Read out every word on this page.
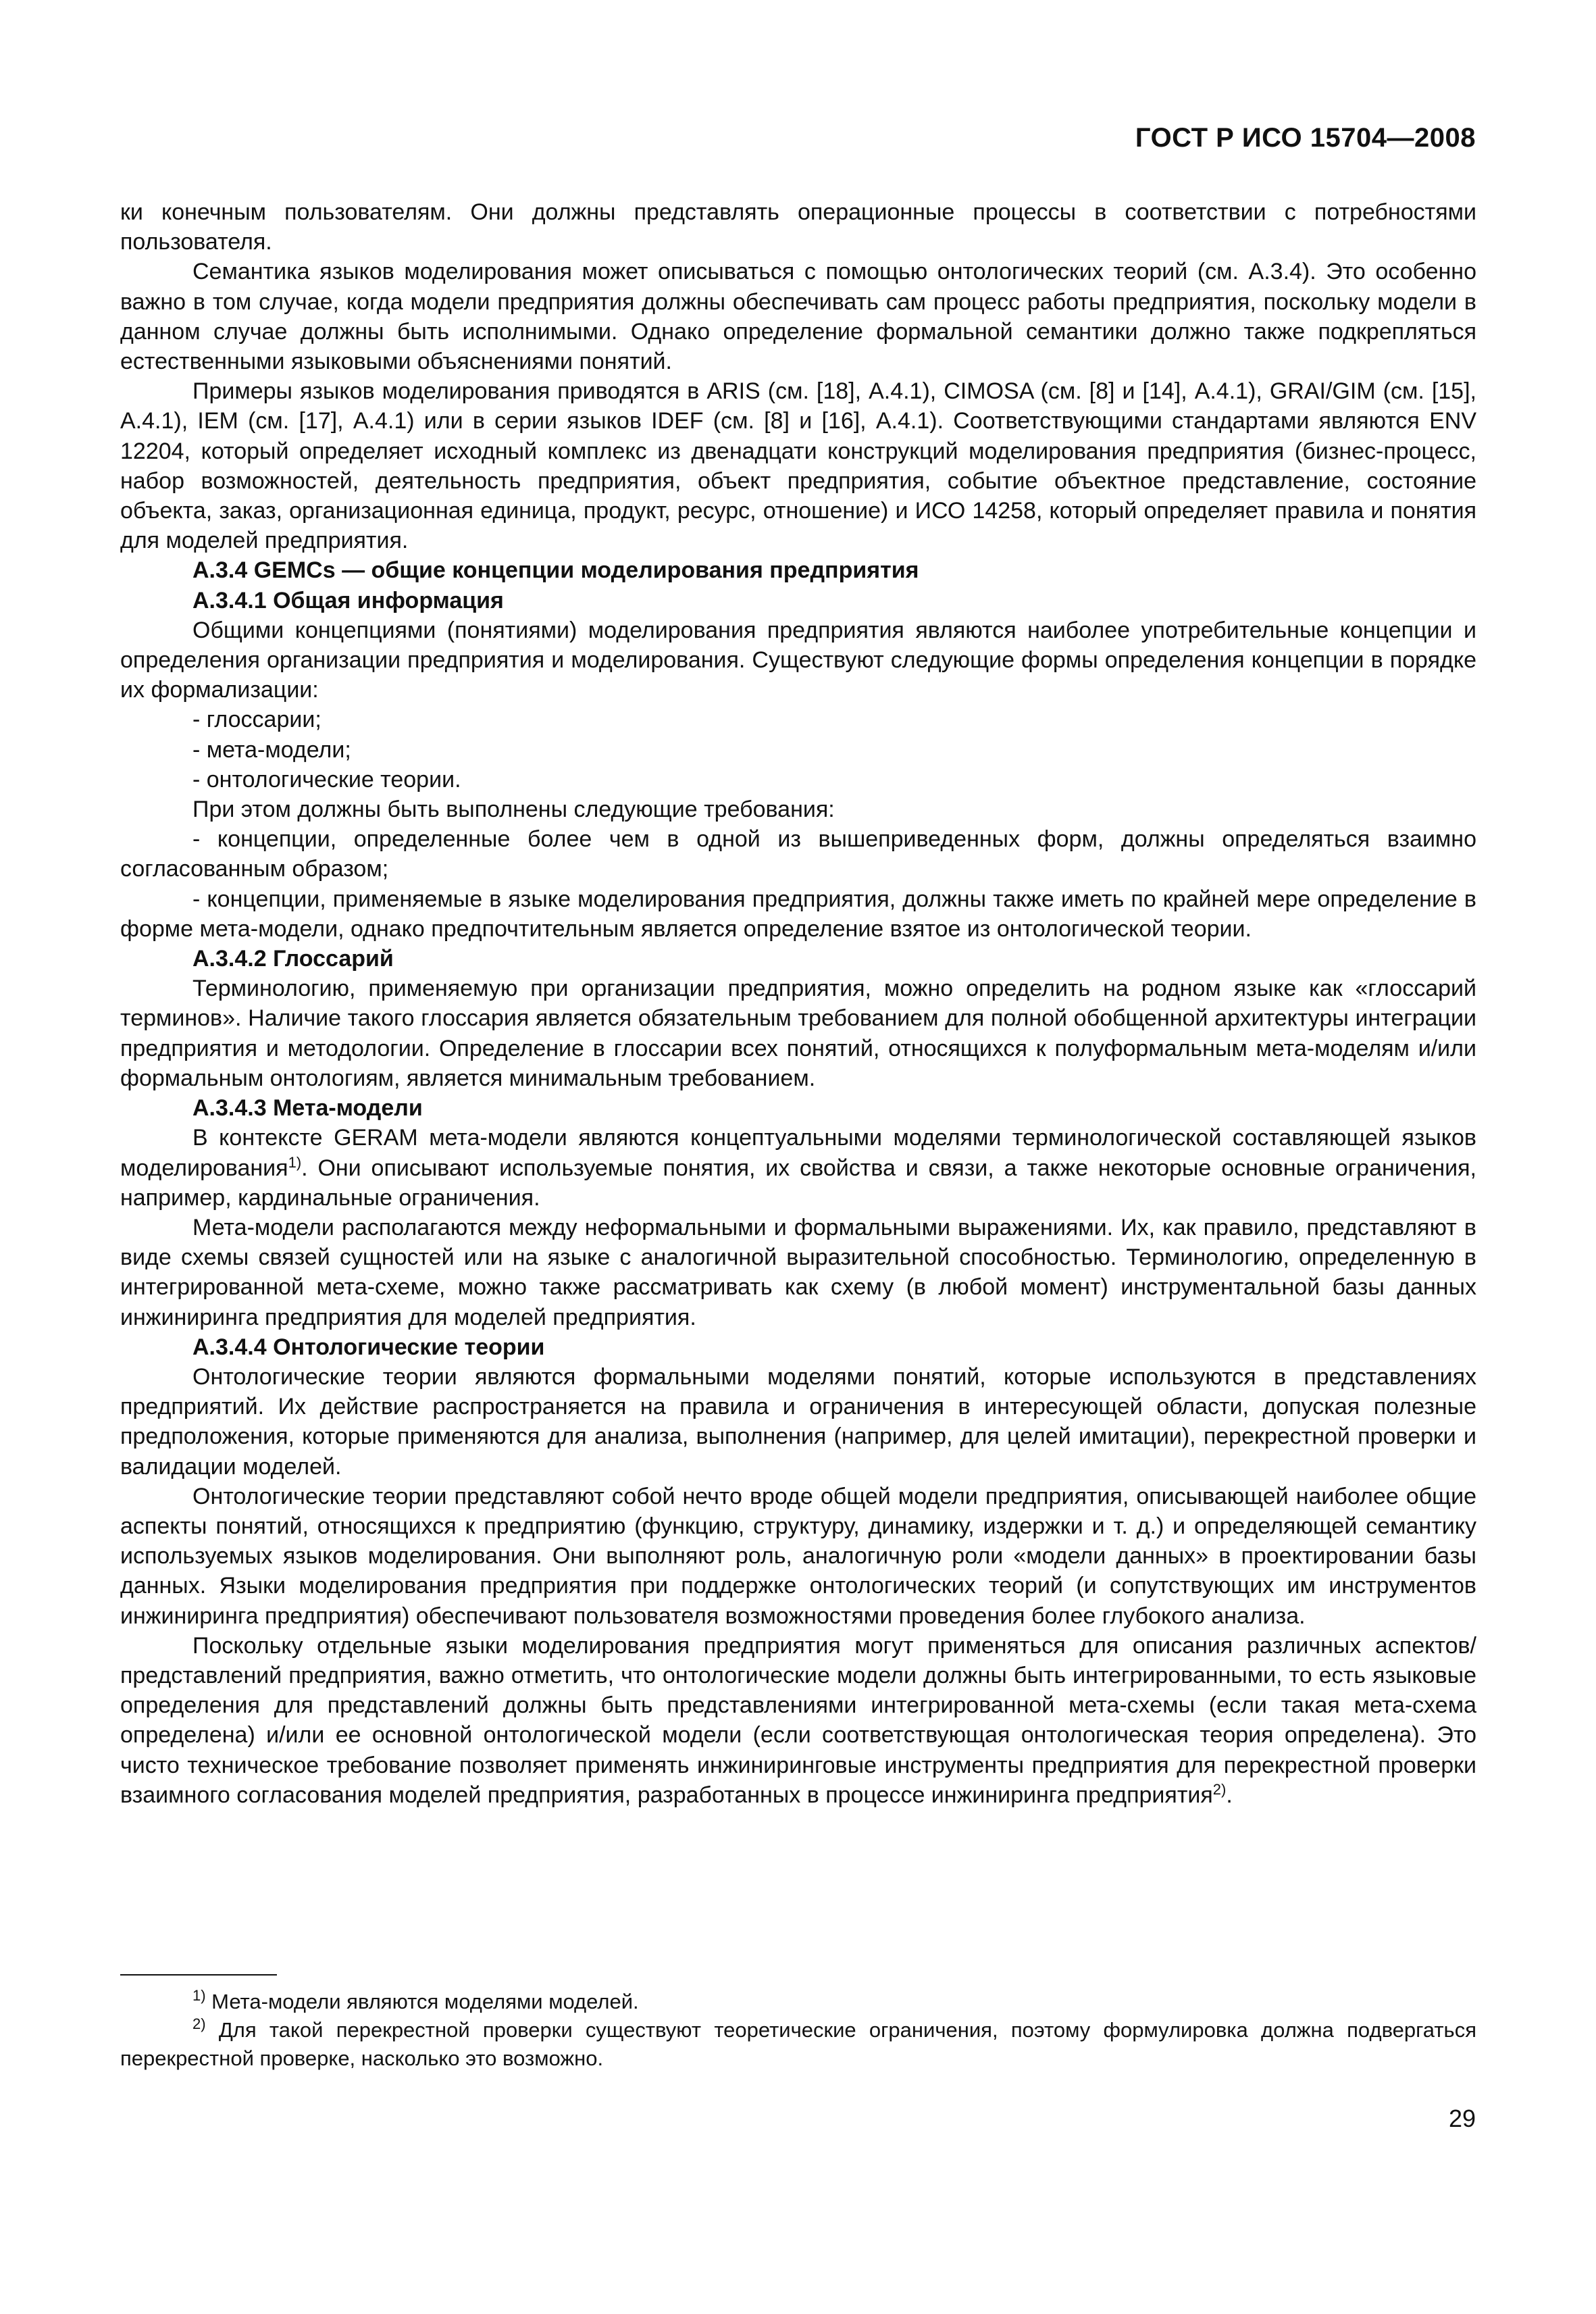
ГОСТ Р ИСО 15704—2008

ки конечным пользователям. Они должны представлять операционные процессы в соответствии с потребностями пользователя.

Семантика языков моделирования может описываться с помощью онтологических теорий (см. А.3.4). Это особенно важно в том случае, когда модели предприятия должны обеспечивать сам процесс работы предприятия, поскольку модели в данном случае должны быть исполнимыми. Однако определение формальной семантики должно также подкрепляться естественными языковыми объяснениями понятий.

Примеры языков моделирования приводятся в ARIS (см. [18], А.4.1), CIMOSA (см. [8] и [14], А.4.1), GRAI/GIM (см. [15], А.4.1), IEM (см. [17], А.4.1) или в серии языков IDEF (см. [8] и [16], А.4.1). Соответствующими стандартами являются ENV 12204, который определяет исходный комплекс из двенадцати конструкций моделирования предприятия (бизнес-процесс, набор возможностей, деятельность предприятия, объект предприятия, событие объектное представление, состояние объекта, заказ, организационная единица, продукт, ресурс, отношение) и ИСО 14258, который определяет правила и понятия для моделей предприятия.

А.3.4 GEMCs — общие концепции моделирования предприятия
А.3.4.1 Общая информация

Общими концепциями (понятиями) моделирования предприятия являются наиболее употребительные концепции и определения организации предприятия и моделирования. Существуют следующие формы определения концепции в порядке их формализации:

- глоссарии;

- мета-модели;

- онтологические теории.

При этом должны быть выполнены следующие требования:

- концепции, определенные более чем в одной из вышеприведенных форм, должны определяться взаимно согласованным образом;

- концепции, применяемые в языке моделирования предприятия, должны также иметь по крайней мере определение в форме мета-модели, однако предпочтительным является определение взятое из онтологической теории.

А.3.4.2 Глоссарий

Терминологию, применяемую при организации предприятия, можно определить на родном языке как «глоссарий терминов». Наличие такого глоссария является обязательным требованием для полной обобщенной архитектуры интеграции предприятия и методологии. Определение в глоссарии всех понятий, относящихся к полуформальным мета-моделям и/или формальным онтологиям, является минимальным требованием.

А.3.4.3 Мета-модели

В контексте GERAM мета-модели являются концептуальными моделями терминологической составляющей языков моделирования$^{1)}$. Они описывают используемые понятия, их свойства и связи, а также некоторые основные ограничения, например, кардинальные ограничения.

Мета-модели располагаются между неформальными и формальными выражениями. Их, как правило, представляют в виде схемы связей сущностей или на языке с аналогичной выразительной способностью. Терминологию, определенную в интегрированной мета-схеме, можно также рассматривать как схему (в любой момент) инструментальной базы данных инжиниринга предприятия для моделей предприятия.

А.3.4.4 Онтологические теории

Онтологические теории являются формальными моделями понятий, которые используются в представлениях предприятий. Их действие распространяется на правила и ограничения в интересующей области, допуская полезные предположения, которые применяются для анализа, выполнения (например, для целей имитации), перекрестной проверки и валидации моделей.

Онтологические теории представляют собой нечто вроде общей модели предприятия, описывающей наиболее общие аспекты понятий, относящихся к предприятию (функцию, структуру, динамику, издержки и т. д.) и определяющей семантику используемых языков моделирования. Они выполняют роль, аналогичную роли «модели данных» в проектировании базы данных. Языки моделирования предприятия при поддержке онтологических теорий (и сопутствующих им инструментов инжиниринга предприятия) обеспечивают пользователя возможностями проведения более глубокого анализа.

Поскольку отдельные языки моделирования предприятия могут применяться для описания различных аспектов/представлений предприятия, важно отметить, что онтологические модели должны быть интегрированными, то есть языковые определения для представлений должны быть представлениями интегрированной мета-схемы (если такая мета-схема определена) и/или ее основной онтологической модели (если соответствующая онтологическая теория определена). Это чисто техническое требование позволяет применять инжиниринговые инструменты предприятия для перекрестной проверки взаимного согласования моделей предприятия, разработанных в процессе инжиниринга предприятия$^{2)}$.

$^{1)}$ Мета-модели являются моделями моделей.

$^{2)}$ Для такой перекрестной проверки существуют теоретические ограничения, поэтому формулировка должна подвергаться перекрестной проверке, насколько это возможно.

29
